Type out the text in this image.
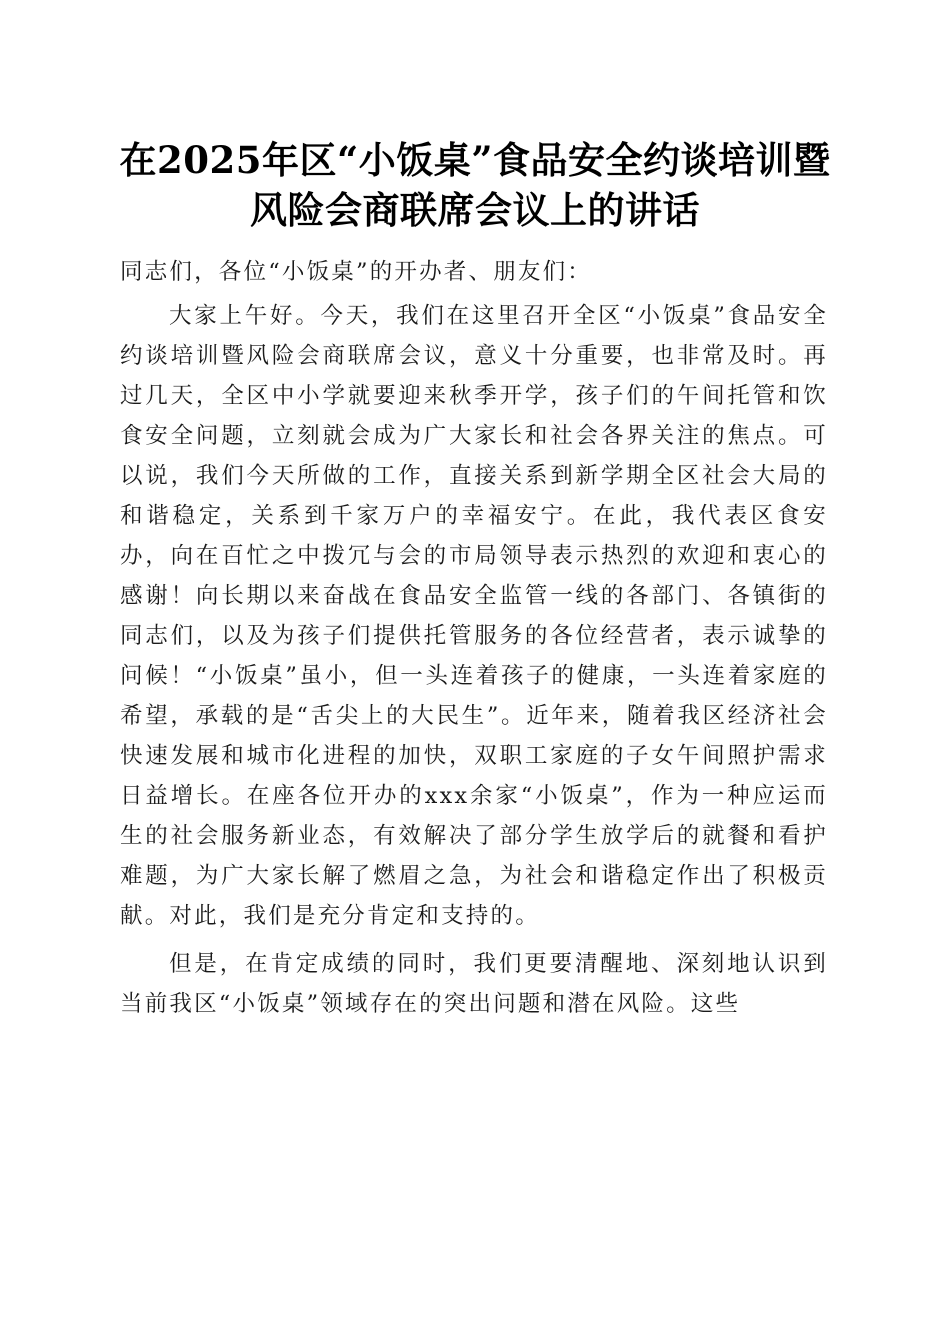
在2025年区“小饭桌”食品安全约谈培训暨
风险会商联席会议上的讲话

同志们，各位“小饭桌”的开办者、朋友们：

大家上午好。今天，我们在这里召开全区“小饭桌”食品安全约谈培训暨风险会商联席会议，意义十分重要，也非常及时。再过几天，全区中小学就要迎来秋季开学，孩子们的午间托管和饮食安全问题，立刻就会成为广大家长和社会各界关注的焦点。可以说，我们今天所做的工作，直接关系到新学期全区社会大局的和谐稳定，关系到千家万户的幸福安宁。在此，我代表区食安办，向在百忙之中拨冗与会的市局领导表示热烈的欢迎和衷心的感谢！向长期以来奋战在食品安全监管一线的各部门、各镇街的同志们，以及为孩子们提供托管服务的各位经营者，表示诚挚的问候！“小饭桌”虽小，但一头连着孩子的健康，一头连着家庭的希望，承载的是“舌尖上的大民生”。近年来，随着我区经济社会快速发展和城市化进程的加快，双职工家庭的子女午间照护需求日益增长。在座各位开办的xxx余家“小饭桌”，作为一种应运而生的社会服务新业态，有效解决了部分学生放学后的就餐和看护难题，为广大家长解了燃眉之急，为社会和谐稳定作出了积极贡献。对此，我们是充分肯定和支持的。

但是，在肯定成绩的同时，我们更要清醒地、深刻地认识到当前我区“小饭桌”领域存在的突出问题和潜在风险。这些
